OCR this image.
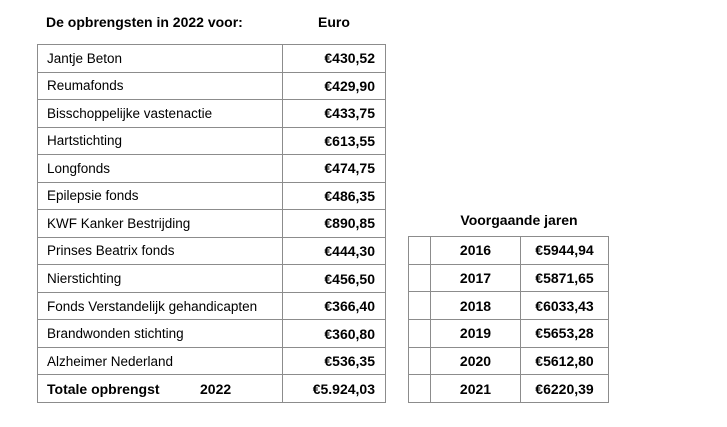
De opbrengsten in 2022 voor:	Euro
Jantje Beton	€430,52
Reumafonds	€429,90
Bisschoppelijke vastenactie	€433,75
Hartstichting	€613,55
Longfonds	€474,75
Epilepsie fonds	€486,35
KWF Kanker Bestrijding	€890,85
Prinses Beatrix fonds	€444,30
Nierstichting	€456,50
Fonds Verstandelijk gehandicapten	€366,40
Brandwonden stichting	€360,80
Alzheimer Nederland	€536,35
Totale opbrengst 2022	€5.924,03
Voorgaande jaren
	2016	€5944,94
	2017	€5871,65
	2018	€6033,43
	2019	€5653,28
	2020	€5612,80
	2021	€6220,39
